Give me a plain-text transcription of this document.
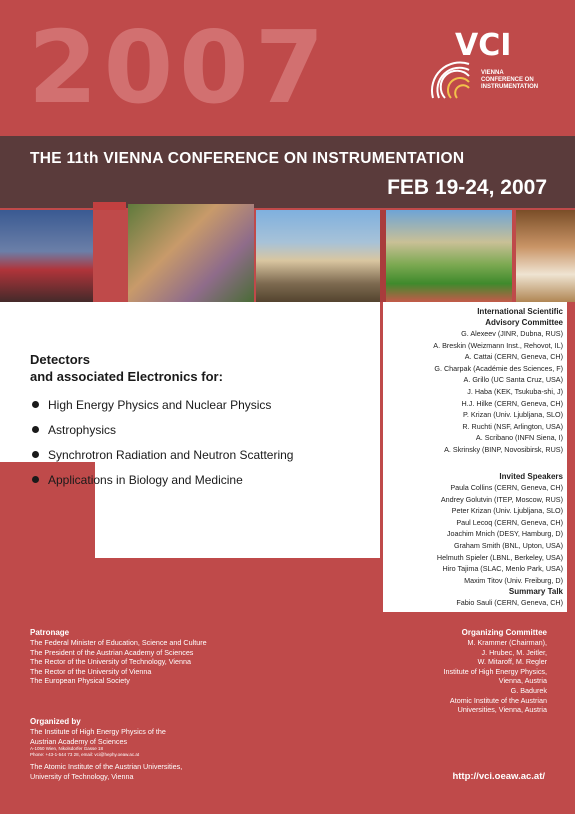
2007	VCI
VIENNA
CONFERENCE ON
INSTRUMENTATION
THE 11th VIENNA CONFERENCE ON INSTRUMENTATION
FEB 19-24, 2007
Detectors
and associated Electronics for:
High Energy Physics and Nuclear Physics
Astrophysics
Synchrotron Radiation and Neutron Scattering
Applications in Biology and Medicine
International Scientific
Advisory Committee
G. Alexeev (JINR, Dubna, RUS)
A. Breskin (Weizmann Inst., Rehovot, IL)
A. Cattai (CERN, Geneva, CH)
G. Charpak (Académie des Sciences, F)
A. Grillo (UC Santa Cruz, USA)
J. Haba (KEK, Tsukuba-shi, J)
H.J. Hilke (CERN, Geneva, CH)
P. Krizan (Univ. Ljubljana, SLO)
R. Ruchti (NSF, Arlington, USA)
A. Scribano (INFN Siena, I)
A. Skrinsky (BINP, Novosibirsk, RUS)
Invited Speakers
Paula Collins (CERN, Geneva, CH)
Andrey Golutvin (ITEP, Moscow, RUS)
Peter Krizan (Univ. Ljubljana, SLO)
Paul Lecoq (CERN, Geneva, CH)
Joachim Mnich (DESY, Hamburg, D)
Graham Smith (BNL, Upton, USA)
Helmuth Spieler (LBNL, Berkeley, USA)
Hiro Tajima (SLAC, Menlo Park, USA)
Maxim Titov (Univ. Freiburg, D)
Summary Talk
Fabio Sauli (CERN, Geneva, CH)
Patronage
The Federal Minister of Education, Science and Culture
The President of the Austrian Academy of Sciences
The Rector of the University of Technology, Vienna
The Rector of the University of Vienna
The European Physical Society
Organized by
The Institute of High Energy Physics of the
Austrian Academy of Sciences
A-1050 Wien, Nikolsdorfer Gasse 18
Phone: +43-1-544 73 28, email: vci@hephy.oeaw.ac.at
The Atomic Institute of the Austrian Universities,
University of Technology, Vienna
Organizing Committee
M. Krammer (Chairman),
J. Hrubec, M. Jeitler,
W. Mitaroff, M. Regler
Institute of High Energy Physics,
Vienna, Austria
G. Badurek
Atomic Institute of the Austrian
Universities, Vienna, Austria
http://vci.oeaw.ac.at/
